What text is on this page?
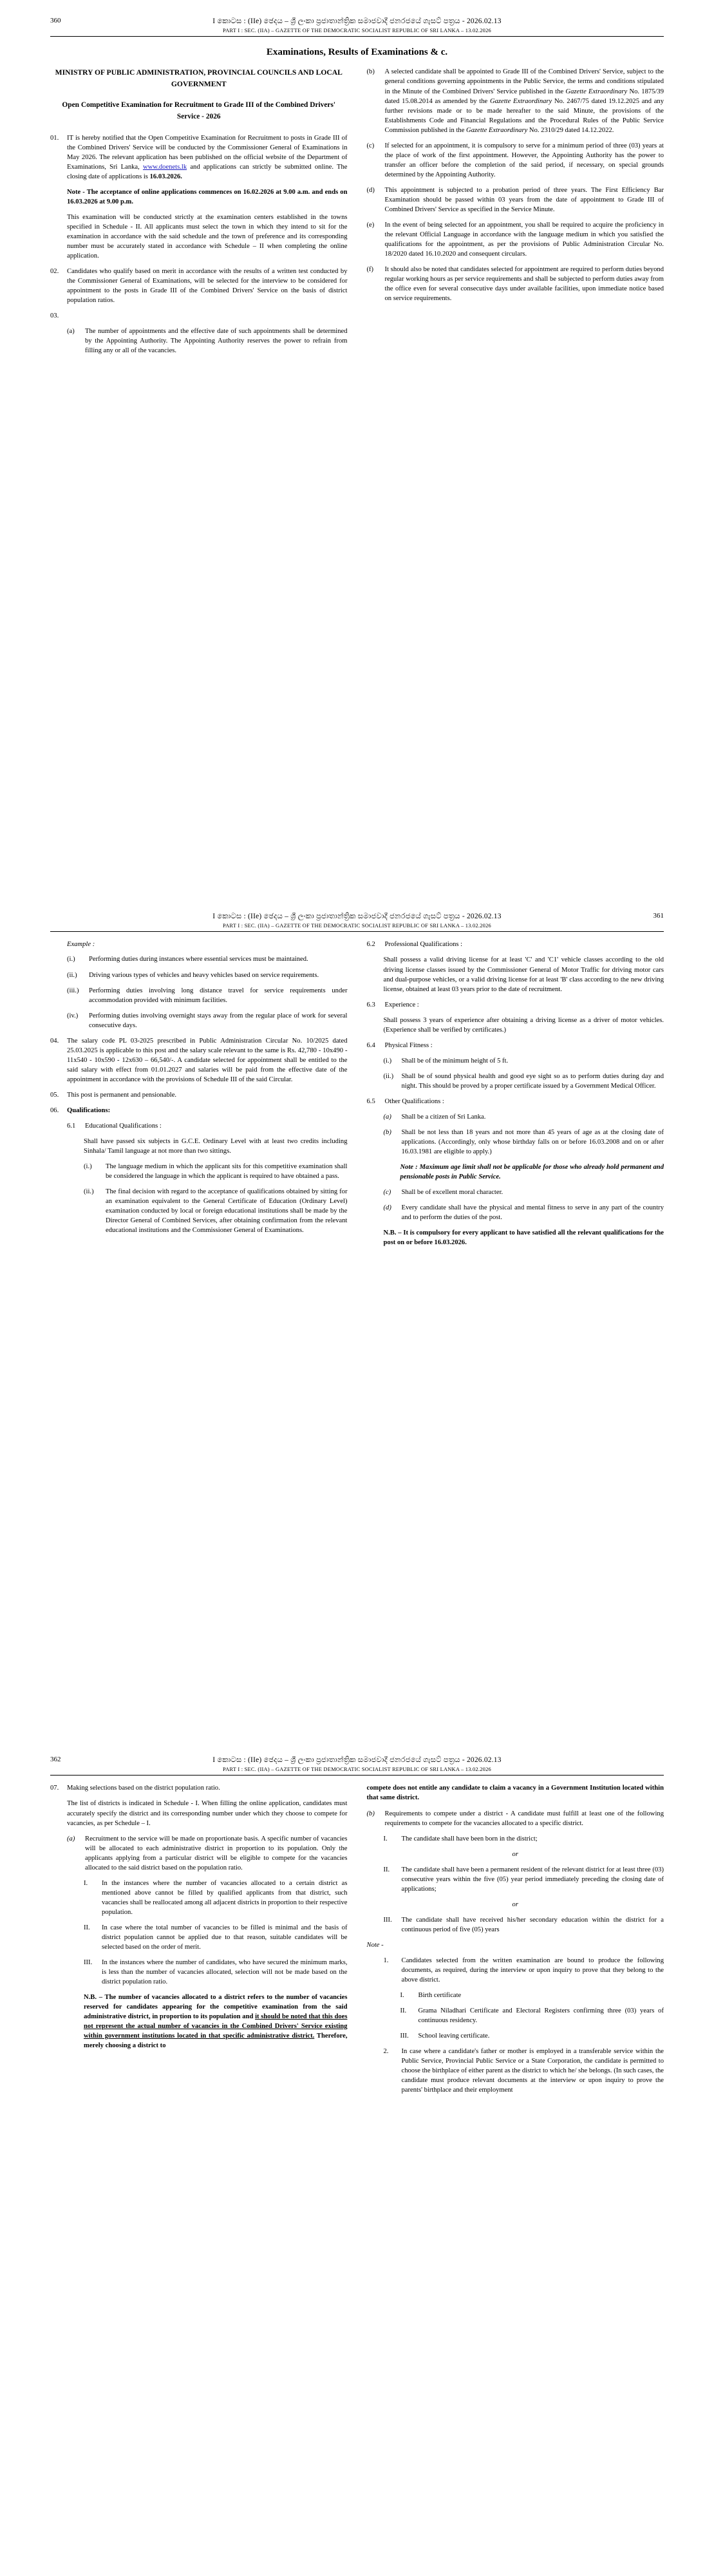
360	I කොටස : (IIe) ඡෙදය – ශ්‍රී ලංකා ප්‍රජාතාන්ත්‍රික සමාජවාදී ජනරජයේ ගැසට් පත්‍රය - 2026.02.13
PART I : SEC. (IIA) – GAZETTE OF THE DEMOCRATIC SOCIALIST REPUBLIC OF SRI LANKA – 13.02.2026
Examinations, Results of Examinations & c.
MINISTRY OF PUBLIC ADMINISTRATION, PROVINCIAL COUNCILS AND LOCAL GOVERNMENT
Open Competitive Examination for Recruitment to Grade III of the Combined Drivers' Service - 2026
01.	IT is hereby notified that the Open Competitive Examination for Recruitment to posts in Grade III of the Combined Drivers' Service will be conducted by the Commissioner General of Examinations in May 2026. The relevant application has been published on the official website of the Department of Examinations, Sri Lanka, www.doenets.lk and applications can strictly be submitted online. The closing date of applications is 16.03.2026.

Note - The acceptance of online applications commences on 16.02.2026 at 9.00 a.m. and ends on 16.03.2026 at 9.00 p.m.

This examination will be conducted strictly at the examination centers established in the towns specified in Schedule - II. All applicants must select the town in which they intend to sit for the examination in accordance with the said schedule and the town of preference and its corresponding number must be accurately stated in accordance with Schedule – II when completing the online application.

02.	Candidates who qualify based on merit in accordance with the results of a written test conducted by the Commissioner General of Examinations, will be selected for the interview to be considered for appointment to the posts in Grade III of the Combined Drivers' Service on the basis of district population ratios.
03.
(a)	The number of appointments and the effective date of such appointments shall be determined by the Appointing Authority. The Appointing Authority reserves the power to refrain from filling any or all of the vacancies.
(b)	A selected candidate shall be appointed to Grade III of the Combined Drivers' Service, subject to the general conditions governing appointments in the Public Service, the terms and conditions stipulated in the Minute of the Combined Drivers' Service published in the Gazette Extraordinary No. 1875/39 dated 15.08.2014 as amended by the Gazette Extraordinary No. 2467/75 dated 19.12.2025 and any further revisions made or to be made hereafter to the said Minute, the provisions of the Establishments Code and Financial Regulations and the Procedural Rules of the Public Service Commission published in the Gazette Extraordinary No. 2310/29 dated 14.12.2022.
(c)	If selected for an appointment, it is compulsory to serve for a minimum period of three (03) years at the place of work of the first appointment. However, the Appointing Authority has the power to transfer an officer before the completion of the said period, if necessary, on special grounds determined by the Appointing Authority.
(d)	This appointment is subjected to a probation period of three years. The First Efficiency Bar Examination should be passed within 03 years from the date of appointment to Grade III of Combined Drivers' Service as specified in the Service Minute.
(e)	In the event of being selected for an appointment, you shall be required to acquire the proficiency in the relevant Official Language in accordance with the language medium in which you satisfied the qualifications for the appointment, as per the provisions of Public Administration Circular No. 18/2020 dated 16.10.2020 and consequent circulars.
(f)	It should also be noted that candidates selected for appointment are required to perform duties beyond regular working hours as per service requirements and shall be subjected to perform duties away from the office even for several consecutive days under available facilities, upon immediate notice based on service requirements.
361
I කොටස : (IIe) ඡෙදය – ශ්‍රී ලංකා ප්‍රජාතාන්ත්‍රික සමාජවාදී ජනරජයේ ගැසට් පත්‍රය - 2026.02.13
PART I : SEC. (IIA) – GAZETTE OF THE DEMOCRATIC SOCIALIST REPUBLIC OF SRI LANKA – 13.02.2026
Example :
(i.)	Performing duties during instances where essential services must be maintained.
(ii.)	Driving various types of vehicles and heavy vehicles based on service requirements.
(iii.)	Performing duties involving long distance travel for service requirements under accommodation provided with minimum facilities.
(iv.)	Performing duties involving overnight stays away from the regular place of work for several consecutive days.
04.	The salary code PL 03-2025 prescribed in Public Administration Circular No. 10/2025 dated 25.03.2025 is applicable to this post and the salary scale relevant to the same is Rs. 42,780 - 10x490 - 11x540 - 10x590 - 12x630 – 66,540/-. A candidate selected for appointment shall be entitled to the said salary with effect from 01.01.2027 and salaries will be paid from the effective date of the appointment in accordance with the provisions of Schedule III of the said Circular.
05.	This post is permanent and pensionable.
06.	Qualifications:
6.1	Educational Qualifications :

Shall have passed six subjects in G.C.E. Ordinary Level with at least two credits including Sinhala/ Tamil language at not more than two sittings.

(i.)	The language medium in which the applicant sits for this competitive examination shall be considered the language in which the applicant is required to have obtained a pass.
(ii.)	The final decision with regard to the acceptance of qualifications obtained by sitting for an examination equivalent to the General Certificate of Education (Ordinary Level) examination conducted by local or foreign educational institutions shall be made by the Director General of Combined Services, after obtaining confirmation from the relevant educational institutions and the Commissioner General of Examinations.
6.2	Professional Qualifications :

Shall possess a valid driving license for at least 'C' and 'C1' vehicle classes according to the old driving license classes issued by the Commissioner General of Motor Traffic for driving motor cars and dual-purpose vehicles, or a valid driving license for at least 'B' class according to the new driving license, obtained at least 03 years prior to the date of recruitment.

6.3	Experience :

Shall possess 3 years of experience after obtaining a driving license as a driver of motor vehicles. (Experience shall be verified by certificates.)

6.4	Physical Fitness :
(i.)	Shall be of the minimum height of 5 ft.
(ii.)	Shall be of sound physical health and good eye sight so as to perform duties during day and night. This should be proved by a proper certificate issued by a Government Medical Officer.
6.5	Other Qualifications :
(a)	Shall be a citizen of Sri Lanka.
(b)	Shall be not less than 18 years and not more than 45 years of age as at the closing date of applications. (Accordingly, only whose birthday falls on or before 16.03.2008 and on or after 16.03.1981 are eligible to apply.)

Note : Maximum age limit shall not be applicable for those who already hold permanent and pensionable posts in Public Service.

(c)	Shall be of excellent moral character.
(d)	Every candidate shall have the physical and mental fitness to serve in any part of the country and to perform the duties of the post.

N.B. – It is compulsory for every applicant to have satisfied all the relevant qualifications for the post on or before 16.03.2026.

362	I කොටස : (IIe) ඡෙදය – ශ්‍රී ලංකා ප්‍රජාතාන්ත්‍රික සමාජවාදී ජනරජයේ ගැසට් පත්‍රය - 2026.02.13
PART I : SEC. (IIA) – GAZETTE OF THE DEMOCRATIC SOCIALIST REPUBLIC OF SRI LANKA – 13.02.2026
07.	Making selections based on the district population ratio.

The list of districts is indicated in Schedule - I. When filling the online application, candidates must accurately specify the district and its corresponding number under which they choose to compete for vacancies, as per Schedule – I.

(a)	Recruitment to the service will be made on proportionate basis. A specific number of vacancies will be allocated to each administrative district in proportion to its population. Only the applicants applying from a particular district will be eligible to compete for the vacancies allocated to the said district based on the population ratio.
I.	In the instances where the number of vacancies allocated to a certain district as mentioned above cannot be filled by qualified applicants from that district, such vacancies shall be reallocated among all adjacent districts in proportion to their respective population.
II.	In case where the total number of vacancies to be filled is minimal and the basis of district population cannot be applied due to that reason, suitable candidates will be selected based on the order of merit.
III.	In the instances where the number of candidates, who have secured the minimum marks, is less than the number of vacancies allocated, selection will not be made based on the district population ratio.

N.B. – The number of vacancies allocated to a district refers to the number of vacancies reserved for candidates appearing for the competitive examination from the said administrative district, in proportion to its population and it should be noted that this does not represent the actual number of vacancies in the Combined Drivers' Service existing within government institutions located in that specific administrative district. Therefore, merely choosing a district to

compete does not entitle any candidate to claim a vacancy in a Government Institution located within that same district.

(b)	Requirements to compete under a district - A candidate must fulfill at least one of the following requirements to compete for the vacancies allocated to a specific district.
I.	The candidate shall have been born in the district;

or

II.	The candidate shall have been a permanent resident of the relevant district for at least three (03) consecutive years within the five (05) year period immediately preceding the closing date of applications;

or

III.	The candidate shall have received his/her secondary education within the district for a continuous period of five (05) years
Note -
1.	Candidates selected from the written examination are bound to produce the following documents, as required, during the interview or upon inquiry to prove that they belong to the above district.
I.	Birth certificate
II.	Grama Niladhari Certificate and Electoral Registers confirming three (03) years of continuous residency.
III.	School leaving certificate.
2.	In case where a candidate's father or mother is employed in a transferable service within the Public Service, Provincial Public Service or a State Corporation, the candidate is permitted to choose the birthplace of either parent as the district to which he/ she belongs. (In such cases, the candidate must produce relevant documents at the interview or upon inquiry to prove the parents' birthplace and their employment
